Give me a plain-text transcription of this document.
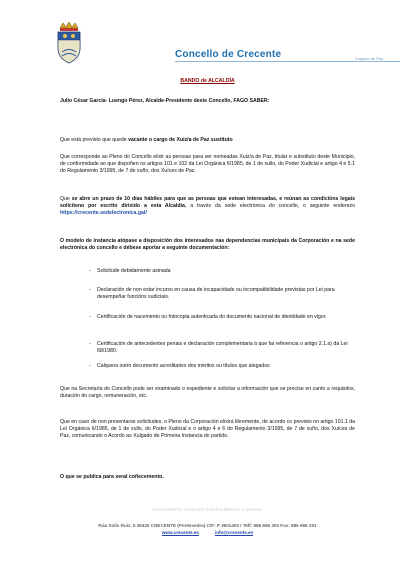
Concello de Crecente	Xulgado de Paz
BANDO de ALCALDÍA
Julio César García- Luengo Pérez, Alcalde-Presidente deste Concello, FAGO SABER:
Que está previsto que quede vacante o cargo de Xuiz/a de Paz sustituto
Que corresponde ao Pleno do Concello elixir as persoas para ser nomeadas Xuiz/a de Paz, titular e substituto deste Municipio, de conformidade ao que dispoñen os artigos 101 e 102 da Lei Orgánica 6/1985, de 1 de xullo, do Poder Xudicial e artigo 4 e 5.1 do Regulamento 3/1995, de 7 de xuño, dos Xuíces de Paz.
Que se abre un prazo de 10 días hábiles para que as persoas que estean interesadas, e reúnan as condicións legais soliciteno por escrito dirixido a esta Alcaldía, a través da sede electrónica do concello, o seguinte enderezo https://crecente.sedelectronica.gal/
O modelo de instancia atópase a disposición dos interesados nas dependencias municipais da Corporación e na sede electrónica do concello e débese aportar a seguinte documentación:
- Solicitude debidamente asinada
- Declaración de non estar incurso en causa de incapacidade ou incompatibilidade previstas por Lei para desempeñar funcións xudiciais.
- Certificación de nacemento ou fotocopia autenticada do documento nacional de identidade en vigor.
- Certificación de antecedentes penais e declaración complementaria á que fai referencia o artigo 2.1.a) da Lei 68/1980.
- Calquera outro documento acreditativo dos méritos ou títulos que alegados
Que na Secretaría do Concello pode ser examinado o expediente e solicitar a información que se precise en canto a requisitos, duración do cargo, remuneración, etc.
Que en caso de non presentarse solicitudes, o Pleno da Corporación elixirá libremente, de acordo co previsto no artigo 101.1 da Lei Orgánica 6/1985, de 1 de xullo, do Poder Xudicial e o artigo 4 e 6 do Regulamento 3/1995, de 7 de xuño, dos Xuíces de Paz, comunicando o Acordo ao Xulgado de Primeira Instancia do partido.
O que se publica para xeral coñecemento.
DOCUMENTO ASINADO DIXITALMENTE Á MARXE
Rúa Solís Ruiz, 5 36420 CRECENTE (Pontevedra) CIF: P 3601400 I Telf: 986 666 300 Fax: 986 666 251
www.crecente.es	info@crecente.es
